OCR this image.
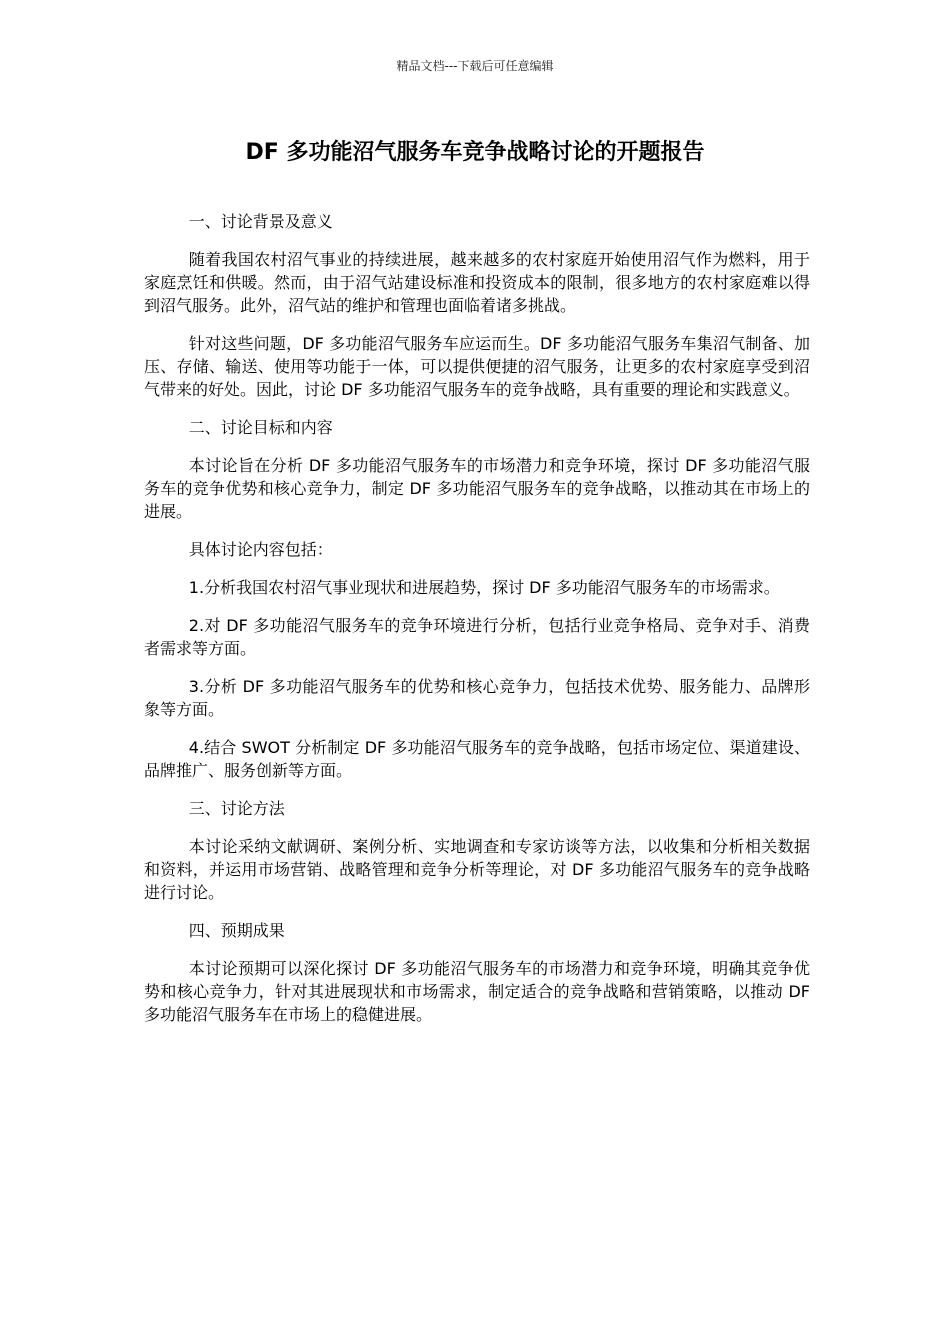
精品文档---下载后可任意编辑
DF 多功能沼气服务车竞争战略讨论的开题报告

一、讨论背景及意义

随着我国农村沼气事业的持续进展，越来越多的农村家庭开始使用沼气作为燃料，用于家庭烹饪和供暖。然而，由于沼气站建设标准和投资成本的限制，很多地方的农村家庭难以得到沼气服务。此外，沼气站的维护和管理也面临着诸多挑战。

针对这些问题，DF 多功能沼气服务车应运而生。DF 多功能沼气服务车集沼气制备、加压、存储、输送、使用等功能于一体，可以提供便捷的沼气服务，让更多的农村家庭享受到沼气带来的好处。因此，讨论 DF 多功能沼气服务车的竞争战略，具有重要的理论和实践意义。

二、讨论目标和内容

本讨论旨在分析 DF 多功能沼气服务车的市场潜力和竞争环境，探讨 DF 多功能沼气服务车的竞争优势和核心竞争力，制定 DF 多功能沼气服务车的竞争战略，以推动其在市场上的进展。

具体讨论内容包括：

1.分析我国农村沼气事业现状和进展趋势，探讨 DF 多功能沼气服务车的市场需求。

2.对 DF 多功能沼气服务车的竞争环境进行分析，包括行业竞争格局、竞争对手、消费者需求等方面。

3.分析 DF 多功能沼气服务车的优势和核心竞争力，包括技术优势、服务能力、品牌形象等方面。

4.结合 SWOT 分析制定 DF 多功能沼气服务车的竞争战略，包括市场定位、渠道建设、品牌推广、服务创新等方面。

三、讨论方法

本讨论采纳文献调研、案例分析、实地调查和专家访谈等方法，以收集和分析相关数据和资料，并运用市场营销、战略管理和竞争分析等理论，对 DF 多功能沼气服务车的竞争战略进行讨论。

四、预期成果

本讨论预期可以深化探讨 DF 多功能沼气服务车的市场潜力和竞争环境，明确其竞争优势和核心竞争力，针对其进展现状和市场需求，制定适合的竞争战略和营销策略，以推动 DF 多功能沼气服务车在市场上的稳健进展。
